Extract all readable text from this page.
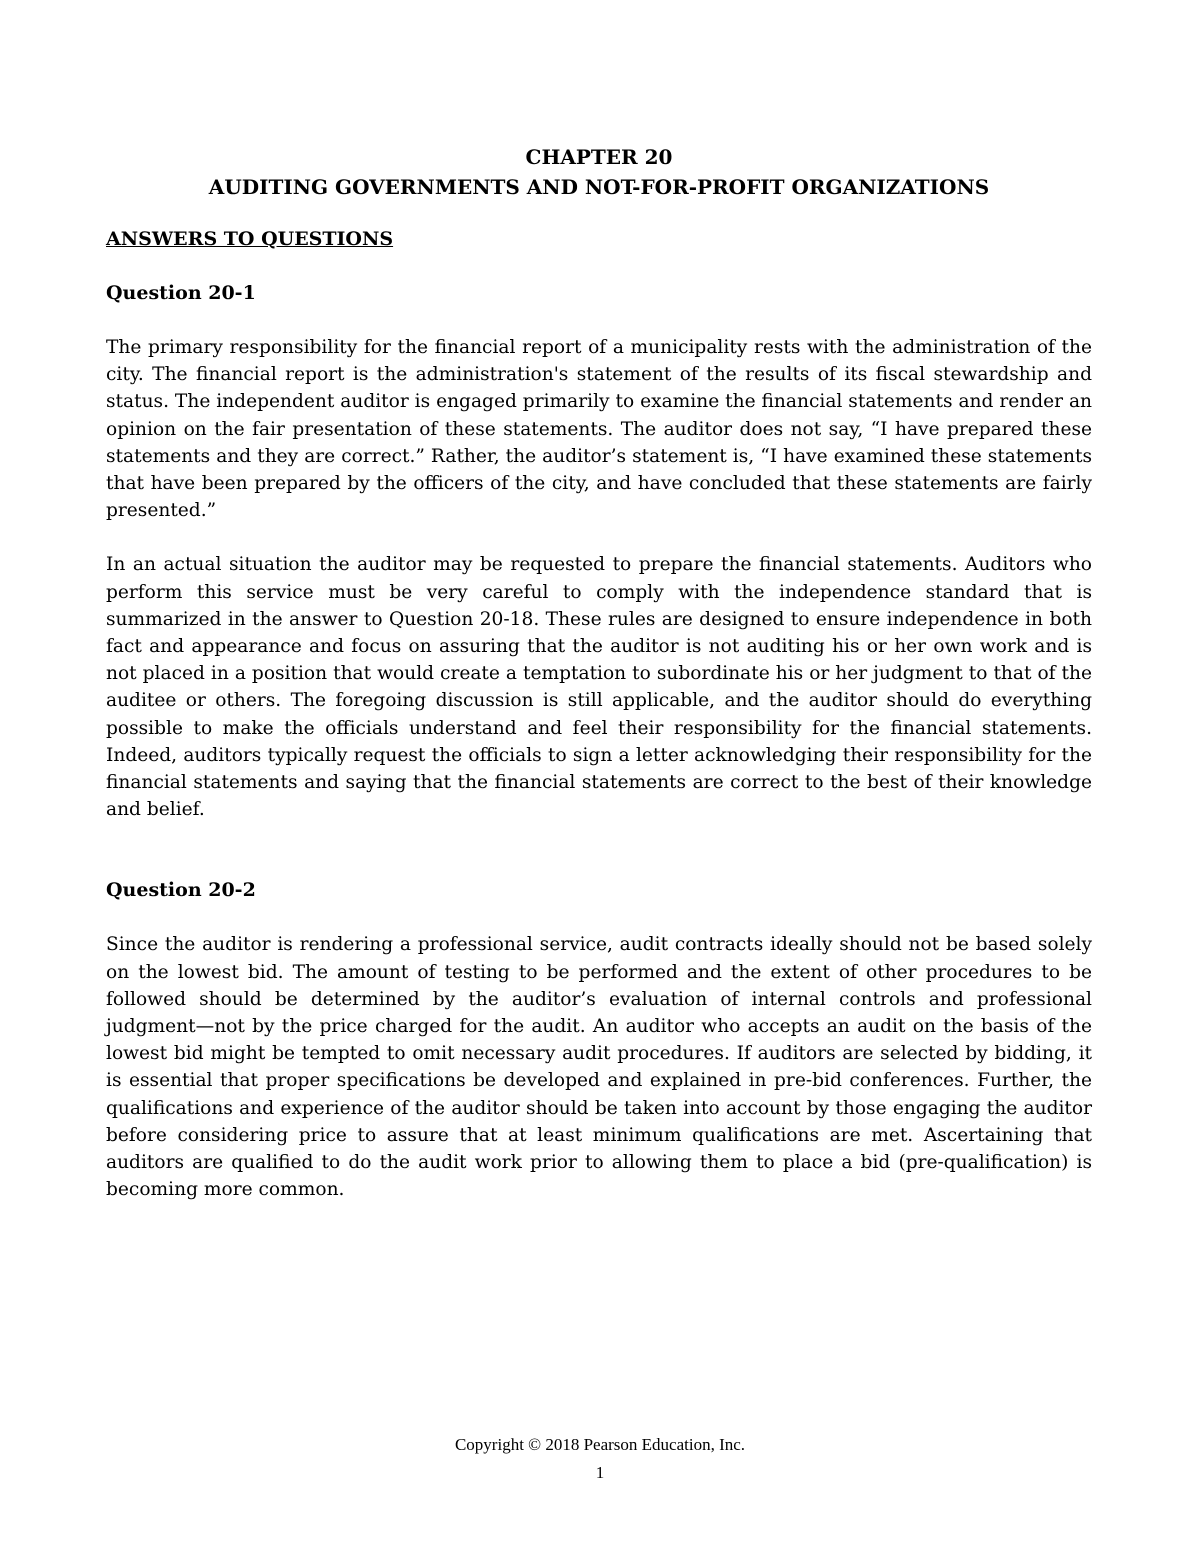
CHAPTER 20

AUDITING GOVERNMENTS AND NOT-FOR-PROFIT ORGANIZATIONS

ANSWERS TO QUESTIONS

Question 20-1

The primary responsibility for the financial report of a municipality rests with the administration of the city. The financial report is the administration's statement of the results of its fiscal stewardship and status. The independent auditor is engaged primarily to examine the financial statements and render an opinion on the fair presentation of these statements. The auditor does not say, “I have prepared these statements and they are correct.” Rather, the auditor’s statement is, “I have examined these statements that have been prepared by the officers of the city, and have concluded that these statements are fairly presented.”

In an actual situation the auditor may be requested to prepare the financial statements. Auditors who perform this service must be very careful to comply with the independence standard that is summarized in the answer to Question 20-18. These rules are designed to ensure independence in both fact and appearance and focus on assuring that the auditor is not auditing his or her own work and is not placed in a position that would create a temptation to subordinate his or her judgment to that of the auditee or others. The foregoing discussion is still applicable, and the auditor should do everything possible to make the officials understand and feel their responsibility for the financial statements. Indeed, auditors typically request the officials to sign a letter acknowledging their responsibility for the financial statements and saying that the financial statements are correct to the best of their knowledge and belief.

Question 20-2

Since the auditor is rendering a professional service, audit contracts ideally should not be based solely on the lowest bid. The amount of testing to be performed and the extent of other procedures to be followed should be determined by the auditor’s evaluation of internal controls and professional judgment—not by the price charged for the audit. An auditor who accepts an audit on the basis of the lowest bid might be tempted to omit necessary audit procedures. If auditors are selected by bidding, it is essential that proper specifications be developed and explained in pre-bid conferences. Further, the qualifications and experience of the auditor should be taken into account by those engaging the auditor before considering price to assure that at least minimum qualifications are met. Ascertaining that auditors are qualified to do the audit work prior to allowing them to place a bid (pre-qualification) is becoming more common.

Copyright © 2018 Pearson Education, Inc.
1
